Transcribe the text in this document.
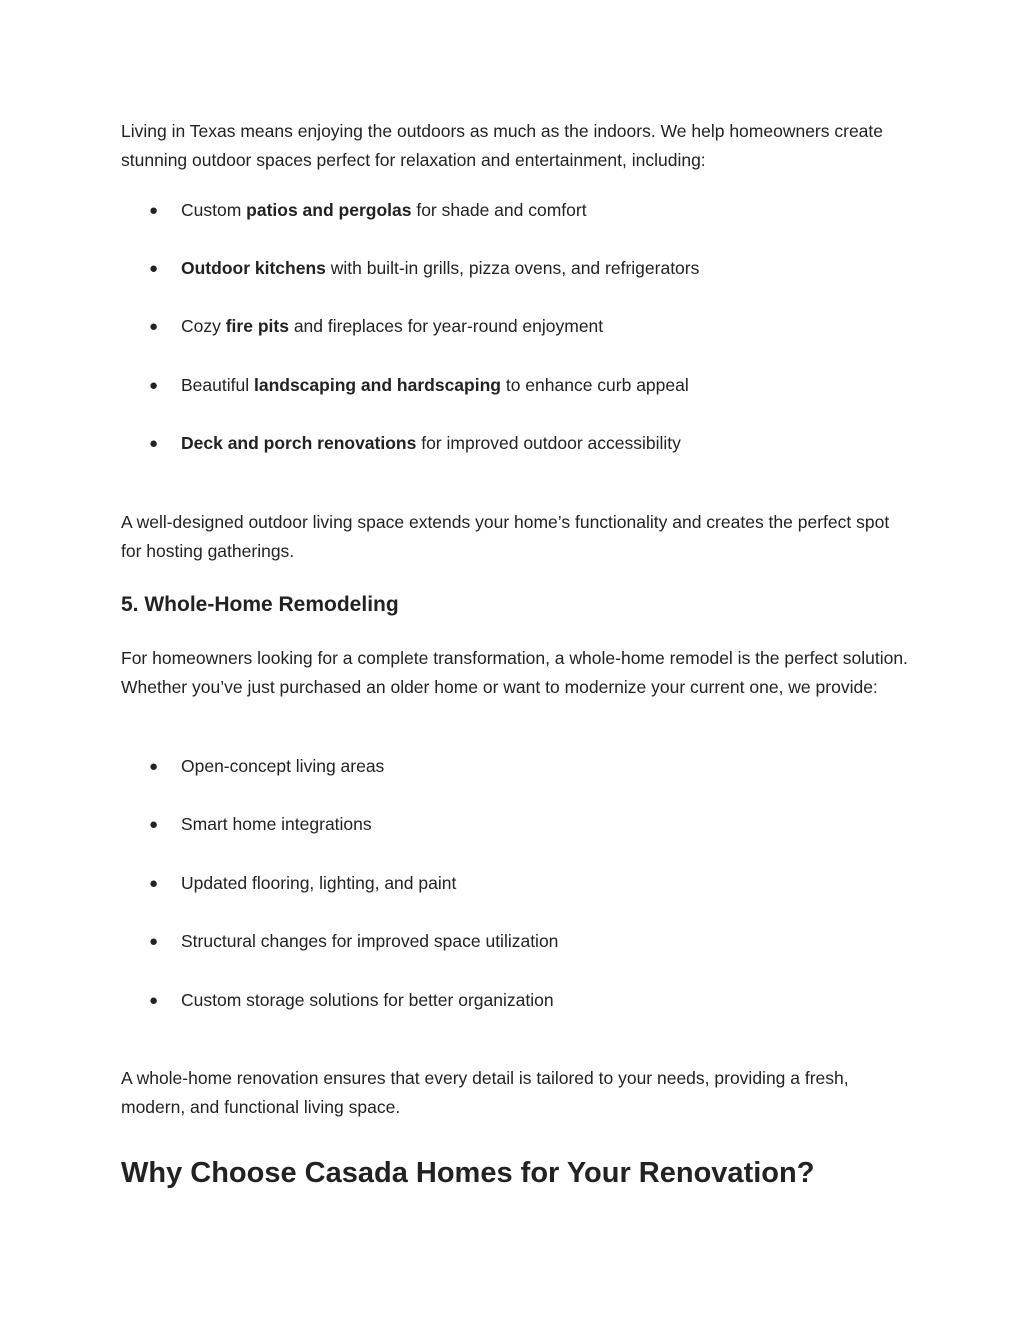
Living in Texas means enjoying the outdoors as much as the indoors. We help homeowners create stunning outdoor spaces perfect for relaxation and entertainment, including:

● Custom patios and pergolas for shade and comfort
● Outdoor kitchens with built-in grills, pizza ovens, and refrigerators
● Cozy fire pits and fireplaces for year-round enjoyment
● Beautiful landscaping and hardscaping to enhance curb appeal
● Deck and porch renovations for improved outdoor accessibility

A well-designed outdoor living space extends your home’s functionality and creates the perfect spot for hosting gatherings.

5. Whole-Home Remodeling

For homeowners looking for a complete transformation, a whole-home remodel is the perfect solution. Whether you’ve just purchased an older home or want to modernize your current one, we provide:

● Open-concept living areas
● Smart home integrations
● Updated flooring, lighting, and paint
● Structural changes for improved space utilization
● Custom storage solutions for better organization

A whole-home renovation ensures that every detail is tailored to your needs, providing a fresh, modern, and functional living space.

Why Choose Casada Homes for Your Renovation?
